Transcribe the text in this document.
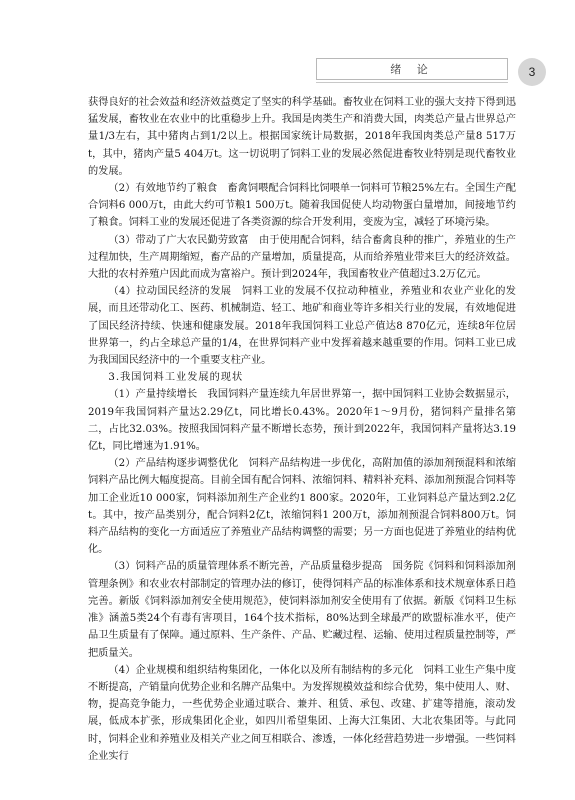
绪 论	3

获得良好的社会效益和经济效益奠定了坚实的科学基础。畜牧业在饲料工业的强大支持下得到迅猛发展，畜牧业在农业中的比重稳步上升。我国是肉类生产和消费大国，肉类总产量占世界总产量1/3左右，其中猪肉占到1/2以上。根据国家统计局数据，2018年我国肉类总产量8 517万t，其中，猪肉产量5 404万t。这一切说明了饲料工业的发展必然促进畜牧业特别是现代畜牧业的发展。

（2）有效地节约了粮食　畜禽饲喂配合饲料比饲喂单一饲料可节粮25%左右。全国生产配合饲料6 000万t，由此大约可节粮1 500万t。随着我国促使人均动物蛋白量增加，间接地节约了粮食。饲料工业的发展还促进了各类资源的综合开发利用，变废为宝，减轻了环境污染。

（3）带动了广大农民勤劳致富　由于使用配合饲料，结合畜禽良种的推广，养殖业的生产过程加快，生产周期缩短，畜产品的产量增加，质量提高，从而给养殖业带来巨大的经济效益。大批的农村养殖户因此而成为富裕户。预计到2024年，我国畜牧业产值超过3.2万亿元。

（4）拉动国民经济的发展　饲料工业的发展不仅拉动种植业，养殖业和农业产业化的发展，而且还带动化工、医药、机械制造、轻工、地矿和商业等许多相关行业的发展，有效地促进了国民经济持续、快速和健康发展。2018年我国饲料工业总产值达8 870亿元，连续8年位居世界第一，约占全球总产量的1/4，在世界饲料产业中发挥着越来越重要的作用。饲料工业已成为我国国民经济中的一个重要支柱产业。

3.我国饲料工业发展的现状

（1）产量持续增长　我国饲料产量连续九年居世界第一，据中国饲料工业协会数据显示，2019年我国饲料产量达2.29亿t，同比增长0.43%。2020年1～9月份，猪饲料产量排名第二，占比32.03%。按照我国饲料产量不断增长态势，预计到2022年，我国饲料产量将达3.19亿t，同比增速为1.91%。

（2）产品结构逐步调整优化　饲料产品结构进一步优化，高附加值的添加剂预混料和浓缩饲料产品比例大幅度提高。目前全国有配合饲料、浓缩饲料、精料补充料、添加剂预混合饲料等加工企业近10 000家，饲料添加剂生产企业约1 800家。2020年，工业饲料总产量达到2.2亿t。其中，按产品类别分，配合饲料2亿t，浓缩饲料1 200万t，添加剂预混合饲料800万t。饲料产品结构的变化一方面适应了养殖业产品结构调整的需要；另一方面也促进了养殖业的结构优化。

（3）饲料产品的质量管理体系不断完善，产品质量稳步提高　国务院《饲料和饲料添加剂管理条例》和农业农村部制定的管理办法的修订，使得饲料产品的标准体系和技术规章体系日趋完善。新版《饲料添加剂安全使用规范》，使饲料添加剂安全使用有了依据。新版《饲料卫生标准》涵盖5类24个有毒有害项目，164个技术指标，80%达到全球最严的欧盟标准水平，使产品卫生质量有了保障。通过原料、生产条件、产品、贮藏过程、运输、使用过程质量控制等，严把质量关。

（4）企业规模和组织结构集团化，一体化以及所有制结构的多元化　饲料工业生产集中度不断提高，产销量向优势企业和名牌产品集中。为发挥规模效益和综合优势，集中使用人、财、物，提高竞争能力，一些优势企业通过联合、兼并、租赁、承包、改建、扩建等措施，滚动发展，低成本扩张，形成集团化企业，如四川希望集团、上海大江集团、大北农集团等。与此同时，饲料企业和养殖业及相关产业之间互相联合、渗透，一体化经营趋势进一步增强。一些饲料企业实行
